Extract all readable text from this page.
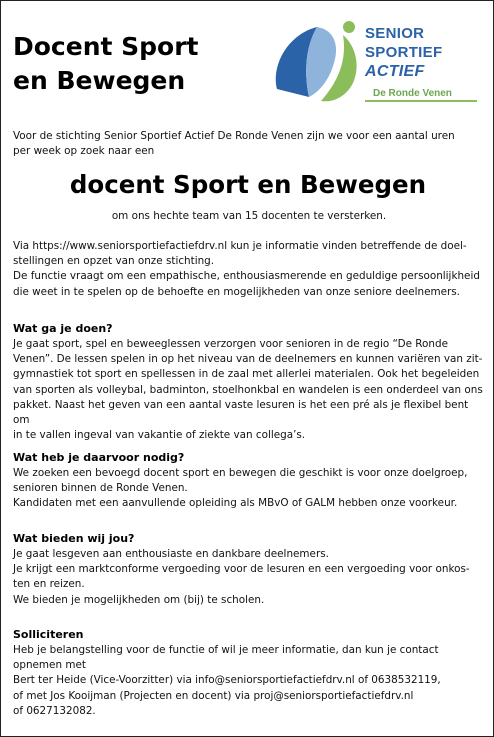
Docent Sport
en Bewegen
SENIOR
SPORTIEF
ACTIEF
De Ronde Venen
Voor de stichting Senior Sportief Actief De Ronde Venen zijn we voor een aantal uren
per week op zoek naar een
docent Sport en Bewegen
om ons hechte team van 15 docenten te versterken.
Via https://www.seniorsportiefactiefdrv.nl kun je informatie vinden betreffende de doel-
stellingen en opzet van onze stichting.
De functie vraagt om een empathische, enthousiasmerende en geduldige persoonlijkheid
die weet in te spelen op de behoefte en mogelijkheden van onze seniore deelnemers.
Wat ga je doen?
Je gaat sport, spel en beweeglessen verzorgen voor senioren in de regio “De Ronde
Venen”. De lessen spelen in op het niveau van de deelnemers en kunnen variëren van zit-
gymnastiek tot sport en spellessen in de zaal met allerlei materialen. Ook het begeleiden
van sporten als volleybal, badminton, stoelhonkbal en wandelen is een onderdeel van ons
pakket. Naast het geven van een aantal vaste lesuren is het een pré als je flexibel bent om
in te vallen ingeval van vakantie of ziekte van collega’s.
Wat heb je daarvoor nodig?
We zoeken een bevoegd docent sport en bewegen die geschikt is voor onze doelgroep,
senioren binnen de Ronde Venen.
Kandidaten met een aanvullende opleiding als MBvO of GALM hebben onze voorkeur.
Wat bieden wij jou?
Je gaat lesgeven aan enthousiaste en dankbare deelnemers.
Je krijgt een marktconforme vergoeding voor de lesuren en een vergoeding voor onkos-
ten en reizen.
We bieden je mogelijkheden om (bij) te scholen.
Solliciteren
Heb je belangstelling voor de functie of wil je meer informatie, dan kun je contact
opnemen met
Bert ter Heide (Vice-Voorzitter) via info@seniorsportiefactiefdrv.nl of 0638532119,
of met Jos Kooijman (Projecten en docent) via proj@seniorsportiefactiefdrv.nl
of 0627132082.
